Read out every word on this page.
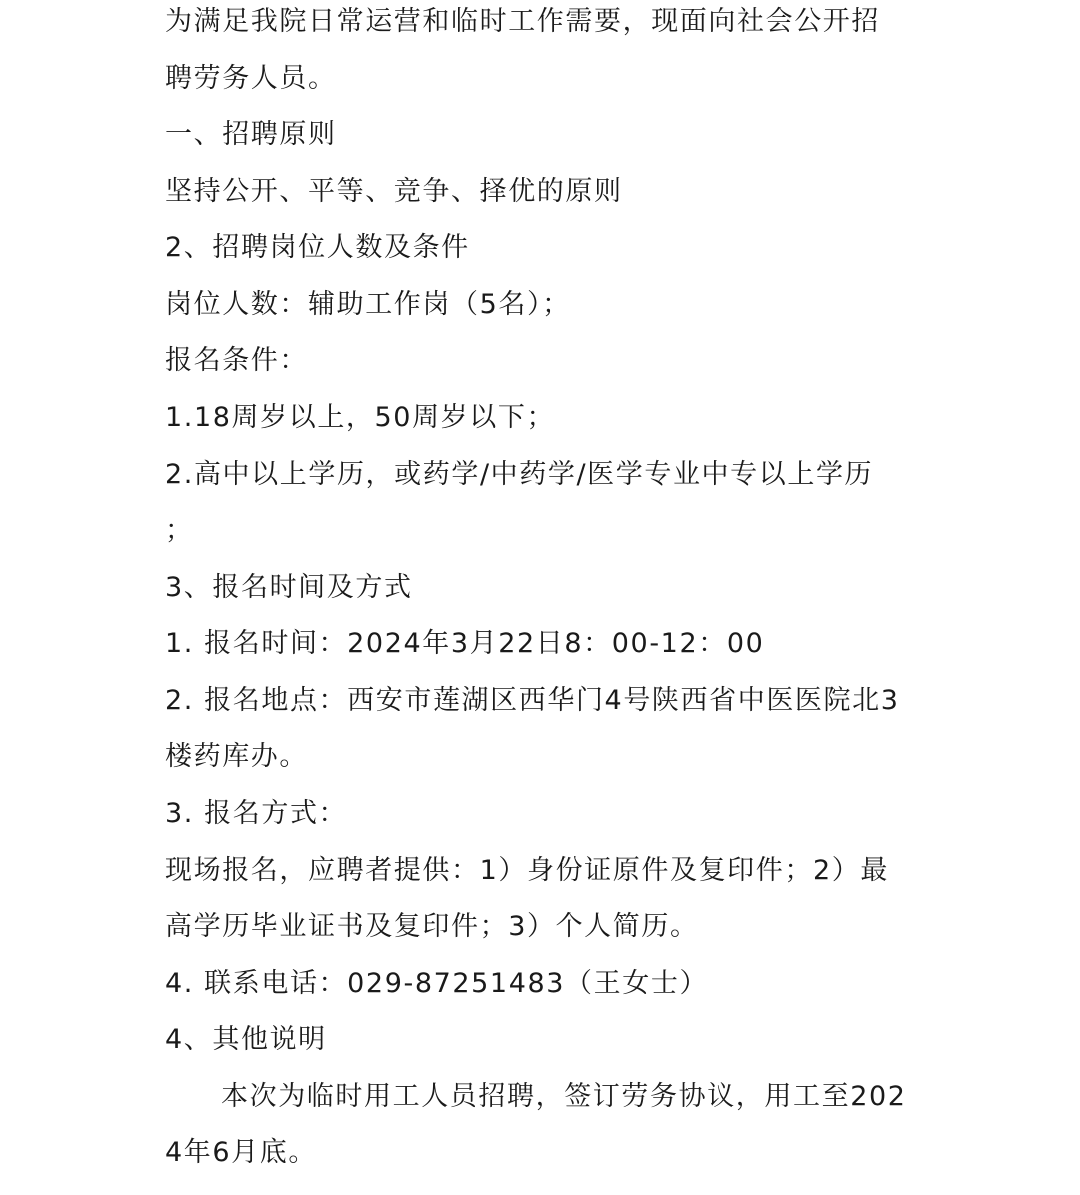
为满足我院日常运营和临时工作需要，现面向社会公开招
聘劳务人员。
一、招聘原则
坚持公开、平等、竞争、择优的原则
2、招聘岗位人数及条件
岗位人数：辅助工作岗（5名）；
报名条件：
1.18周岁以上，50周岁以下；
2.高中以上学历，或药学/中药学/医学专业中专以上学历
；
3、报名时间及方式
1. 报名时间：2024年3月22日8：00-12：00
2. 报名地点：西安市莲湖区西华门4号陕西省中医医院北3
楼药库办。
3. 报名方式：
现场报名，应聘者提供：1）身份证原件及复印件；2）最
高学历毕业证书及复印件；3）个人简历。
4. 联系电话：029-87251483（王女士）
4、其他说明
本次为临时用工人员招聘，签订劳务协议，用工至202
4年6月底。
